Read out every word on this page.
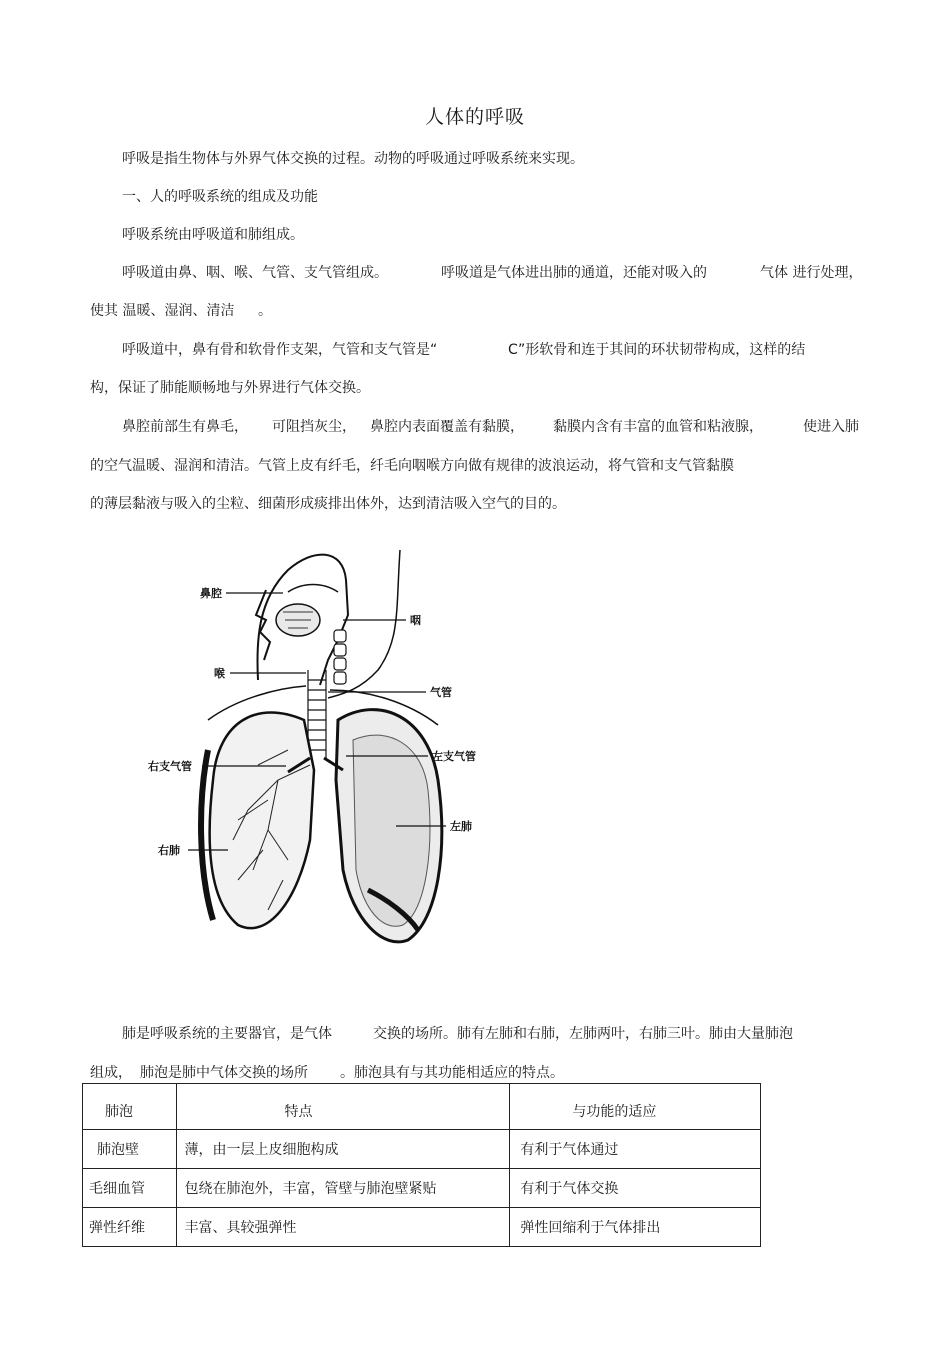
人体的呼吸
呼吸是指生物体与外界气体交换的过程。动物的呼吸通过呼吸系统来实现。
一、人的呼吸系统的组成及功能
呼吸系统由呼吸道和肺组成。
呼吸道由鼻、咽、喉、气管、支气管组成。	呼吸道是气体进出肺的通道，还能对吸入的	气体 进行处理，
使其 温暖、湿润、清洁 。
呼吸道中，鼻有骨和软骨作支架，气管和支气管是“	C”形软骨和连于其间的环状韧带构成，这样的结
构，保证了肺能顺畅地与外界进行气体交换。
鼻腔前部生有鼻毛， 可阻挡灰尘， 鼻腔内表面覆盖有黏膜， 黏膜内含有丰富的血管和粘液腺，	使进入肺
的空气温暖、湿润和清洁。气管上皮有纤毛，纤毛向咽喉方向做有规律的波浪运动，将气管和支气管黏膜
的薄层黏液与吸入的尘粒、细菌形成痰排出体外，达到清洁吸入空气的目的。
鼻腔
咽
喉
气管
右支气管
左支气管
左肺
右肺
肺是呼吸系统的主要器官，是气体	交换的场所。肺有左肺和右肺，左肺两叶，右肺三叶。肺由大量肺泡
组成， 肺泡是肺中气体交换的场所 。肺泡具有与其功能相适应的特点。
肺泡	特点	与功能的适应
肺泡壁	薄，由一层上皮细胞构成	有利于气体通过
毛细血管	包绕在肺泡外，丰富，管壁与肺泡壁紧贴	有利于气体交换
弹性纤维	丰富、具较强弹性	弹性回缩利于气体排出
